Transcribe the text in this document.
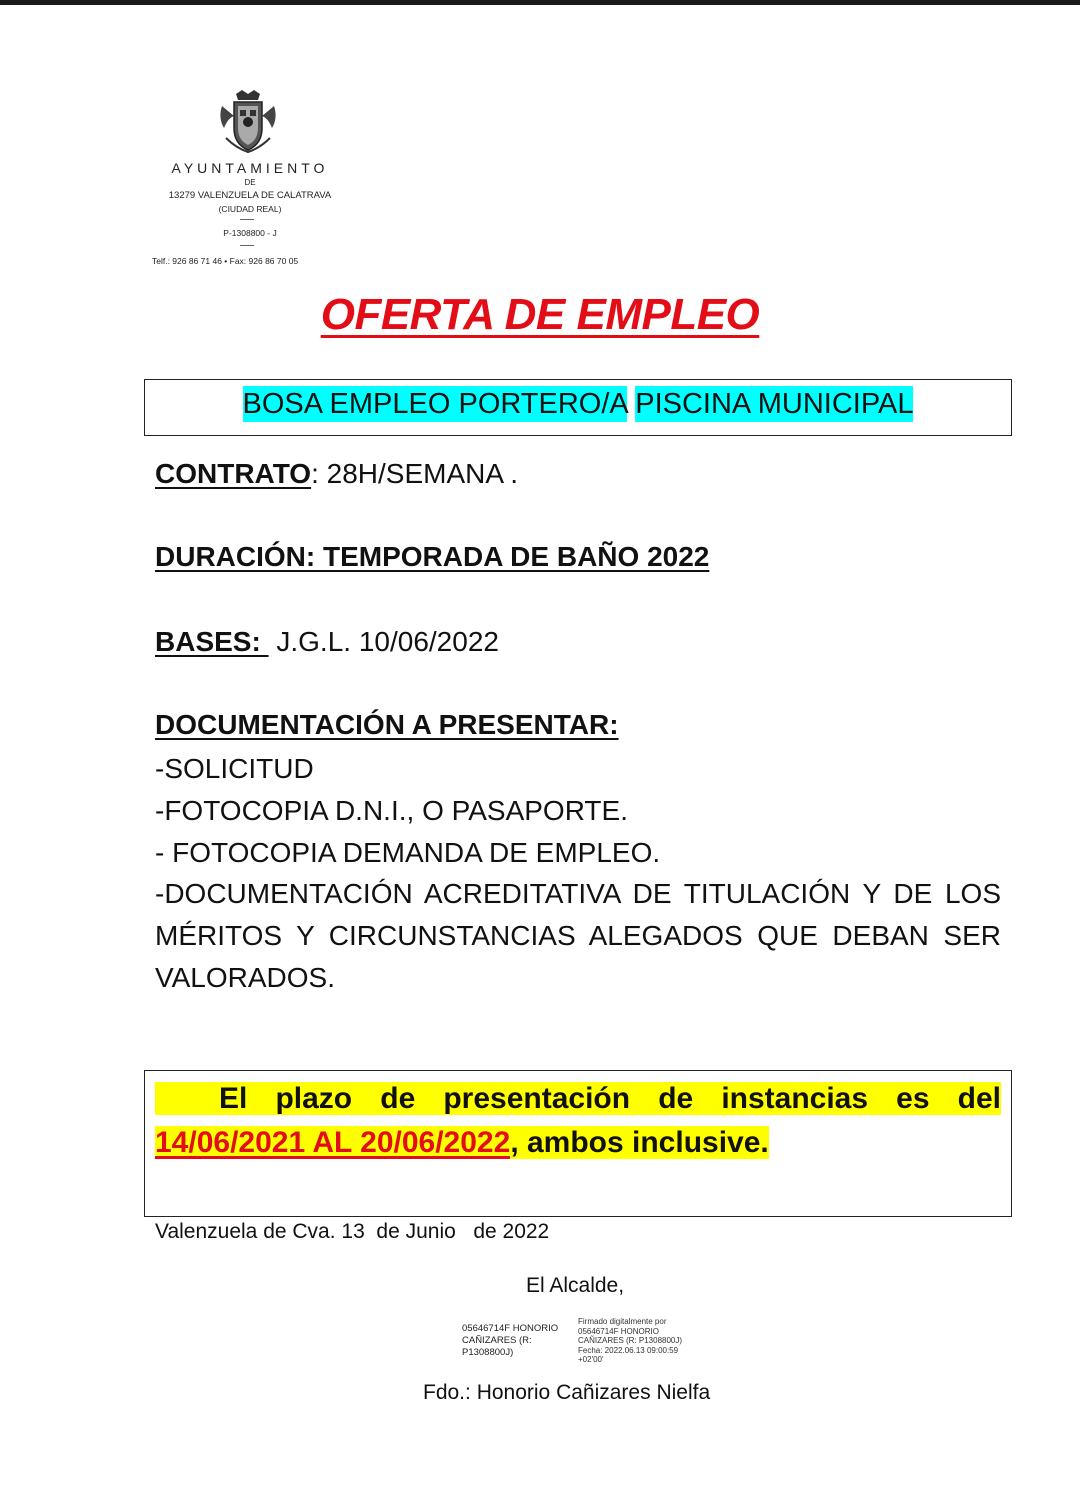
AYUNTAMIENTO
DE
13279 VALENZUELA DE CALATRAVA
(CIUDAD REAL)
P-1308800 - J
Telf.: 926 86 71 46 • Fax: 926 86 70 05
OFERTA DE EMPLEO
BOSA EMPLEO PORTERO/A PISCINA MUNICIPAL
CONTRATO: 28H/SEMANA .
DURACIÓN: TEMPORADA DE BAÑO 2022
BASES:  J.G.L. 10/06/2022
DOCUMENTACIÓN A PRESENTAR:
-SOLICITUD
-FOTOCOPIA D.N.I., O PASAPORTE.
- FOTOCOPIA DEMANDA DE EMPLEO.
-DOCUMENTACIÓN ACREDITATIVA DE TITULACIÓN Y DE LOS MÉRITOS Y CIRCUNSTANCIAS ALEGADOS QUE DEBAN SER VALORADOS.
El plazo de presentación de instancias es del 14/06/2021 AL 20/06/2022, ambos inclusive.
Valenzuela de Cva. 13  de Junio   de 2022
El Alcalde,
05646714F HONORIO
CAÑIZARES (R:
P1308800J)
Firmado digitalmente por
05646714F HONORIO
CAÑIZARES (R: P1308800J)
Fecha: 2022.06.13 09:00:59
+02'00'
Fdo.: Honorio Cañizares Nielfa
